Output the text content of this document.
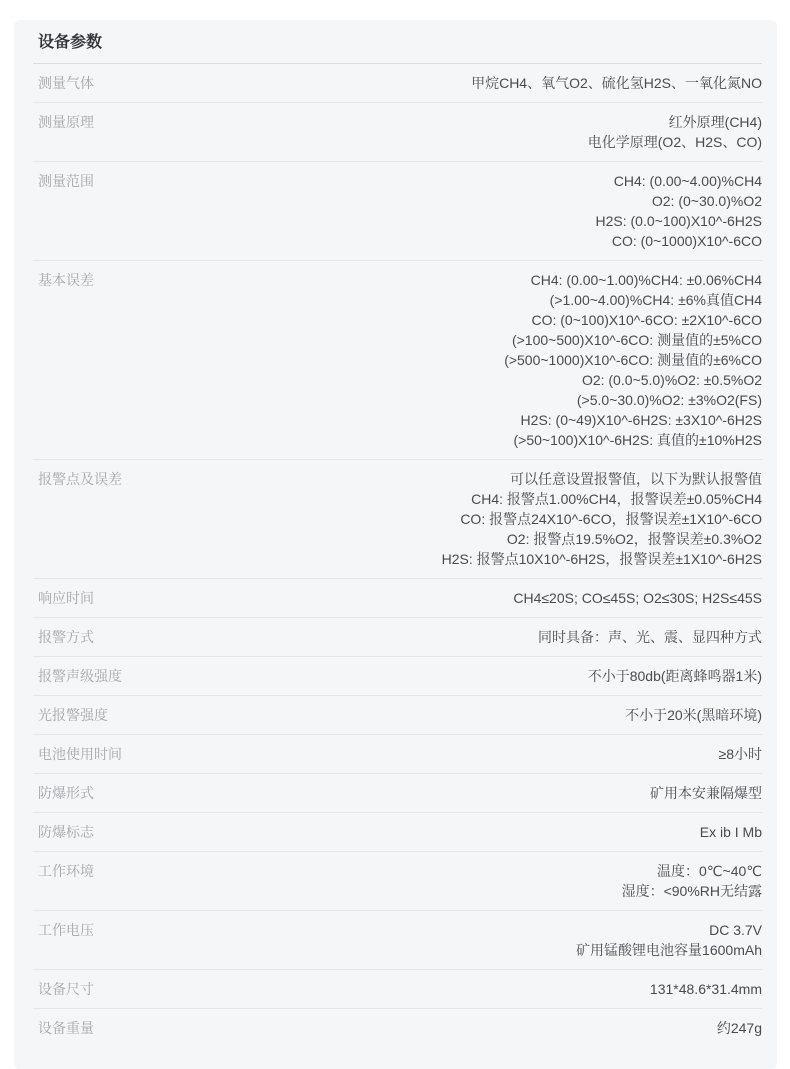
设备参数
测量气体	甲烷CH4、氧气O2、硫化氢H2S、一氧化氮NO
测量原理	红外原理(CH4)
电化学原理(O2、H2S、CO)
测量范围	CH4: (0.00~4.00)%CH4
O2: (0~30.0)%O2
H2S: (0.0~100)X10^-6H2S
CO: (0~1000)X10^-6CO
基本误差	CH4: (0.00~1.00)%CH4: ±0.06%CH4
(>1.00~4.00)%CH4: ±6%真值CH4
CO: (0~100)X10^-6CO: ±2X10^-6CO
(>100~500)X10^-6CO: 测量值的±5%CO
(>500~1000)X10^-6CO: 测量值的±6%CO
O2: (0.0~5.0)%O2: ±0.5%O2
(>5.0~30.0)%O2: ±3%O2(FS)
H2S: (0~49)X10^-6H2S: ±3X10^-6H2S
(>50~100)X10^-6H2S: 真值的±10%H2S
报警点及误差	可以任意设置报警值，以下为默认报警值
CH4: 报警点1.00%CH4，报警误差±0.05%CH4
CO: 报警点24X10^-6CO，报警误差±1X10^-6CO
O2: 报警点19.5%O2，报警误差±0.3%O2
H2S: 报警点10X10^-6H2S，报警误差±1X10^-6H2S
响应时间	CH4≤20S; CO≤45S; O2≤30S; H2S≤45S
报警方式	同时具备：声、光、震、显四种方式
报警声级强度	不小于80db(距离蜂鸣器1米)
光报警强度	不小于20米(黑暗环境)
电池使用时间	≥8小时
防爆形式	矿用本安兼隔爆型
防爆标志	Ex ib I Mb
工作环境	温度：0℃~40℃
湿度：<90%RH无结露
工作电压	DC 3.7V
矿用锰酸锂电池容量1600mAh
设备尺寸	131*48.6*31.4mm
设备重量	约247g
